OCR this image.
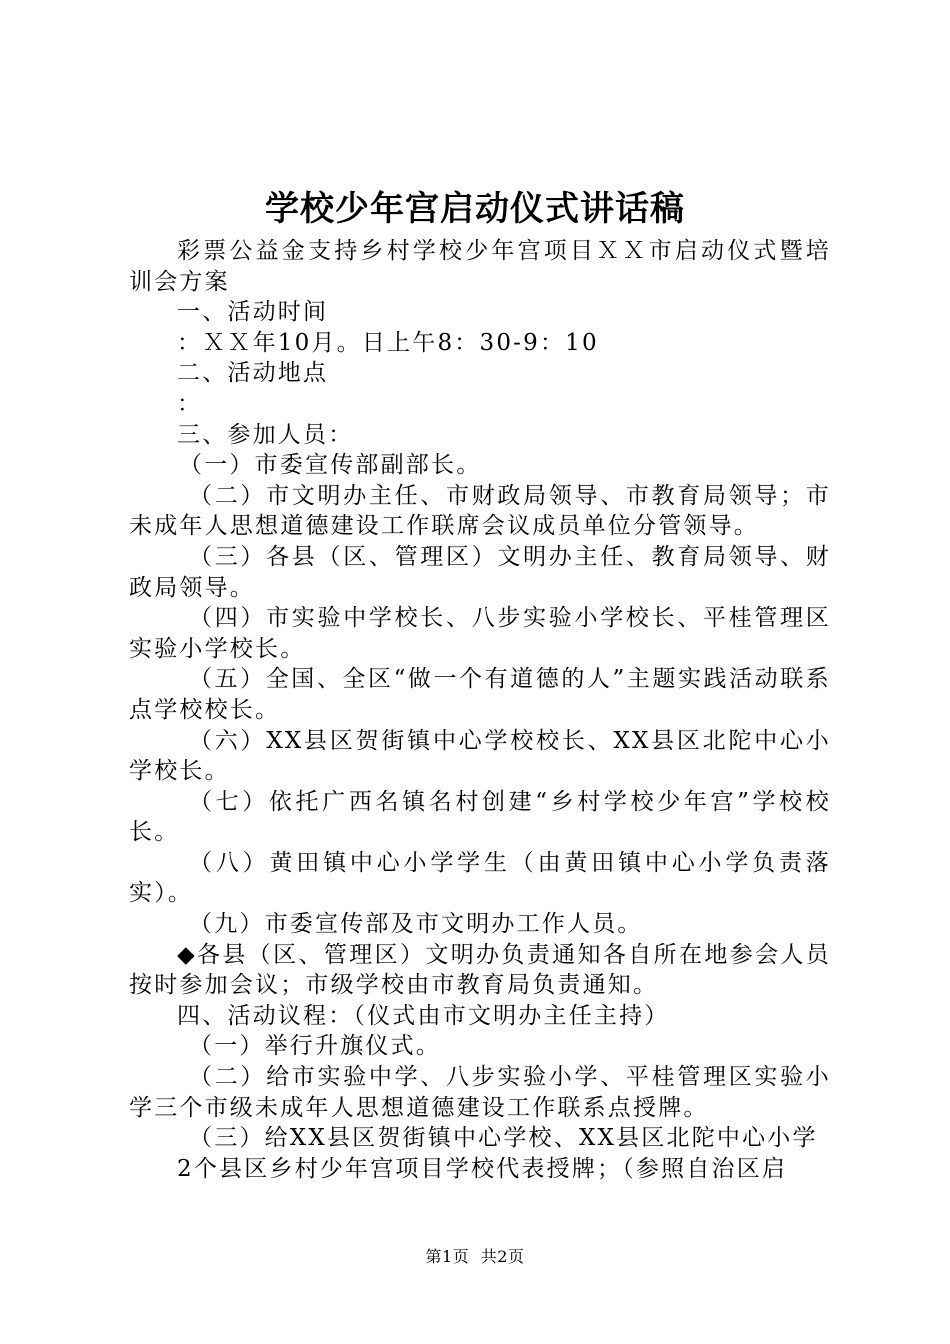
学校少年宫启动仪式讲话稿

彩票公益金支持乡村学校少年宫项目ＸＸ市启动仪式暨培训会方案

一、活动时间

：ＸＸ年10月。日上午8：30-9：10

二、活动地点

：

三、参加人员：

（一）市委宣传部副部长。

（二）市文明办主任、市财政局领导、市教育局领导；市未成年人思想道德建设工作联席会议成员单位分管领导。

（三）各县（区、管理区）文明办主任、教育局领导、财政局领导。

（四）市实验中学校长、八步实验小学校长、平桂管理区实验小学校长。

（五）全国、全区“做一个有道德的人”主题实践活动联系点学校校长。

（六）XX县区贺街镇中心学校校长、XX县区北陀中心小学校长。

（七）依托广西名镇名村创建“乡村学校少年宫”学校校长。

（八）黄田镇中心小学学生（由黄田镇中心小学负责落实）。

（九）市委宣传部及市文明办工作人员。

◆各县（区、管理区）文明办负责通知各自所在地参会人员按时参加会议；市级学校由市教育局负责通知。

四、活动议程：（仪式由市文明办主任主持）

（一）举行升旗仪式。

（二）给市实验中学、八步实验小学、平桂管理区实验小学三个市级未成年人思想道德建设工作联系点授牌。

（三）给XX县区贺街镇中心学校、XX县区北陀中心小学

2个县区乡村少年宫项目学校代表授牌；（参照自治区启

第1页 共2页
